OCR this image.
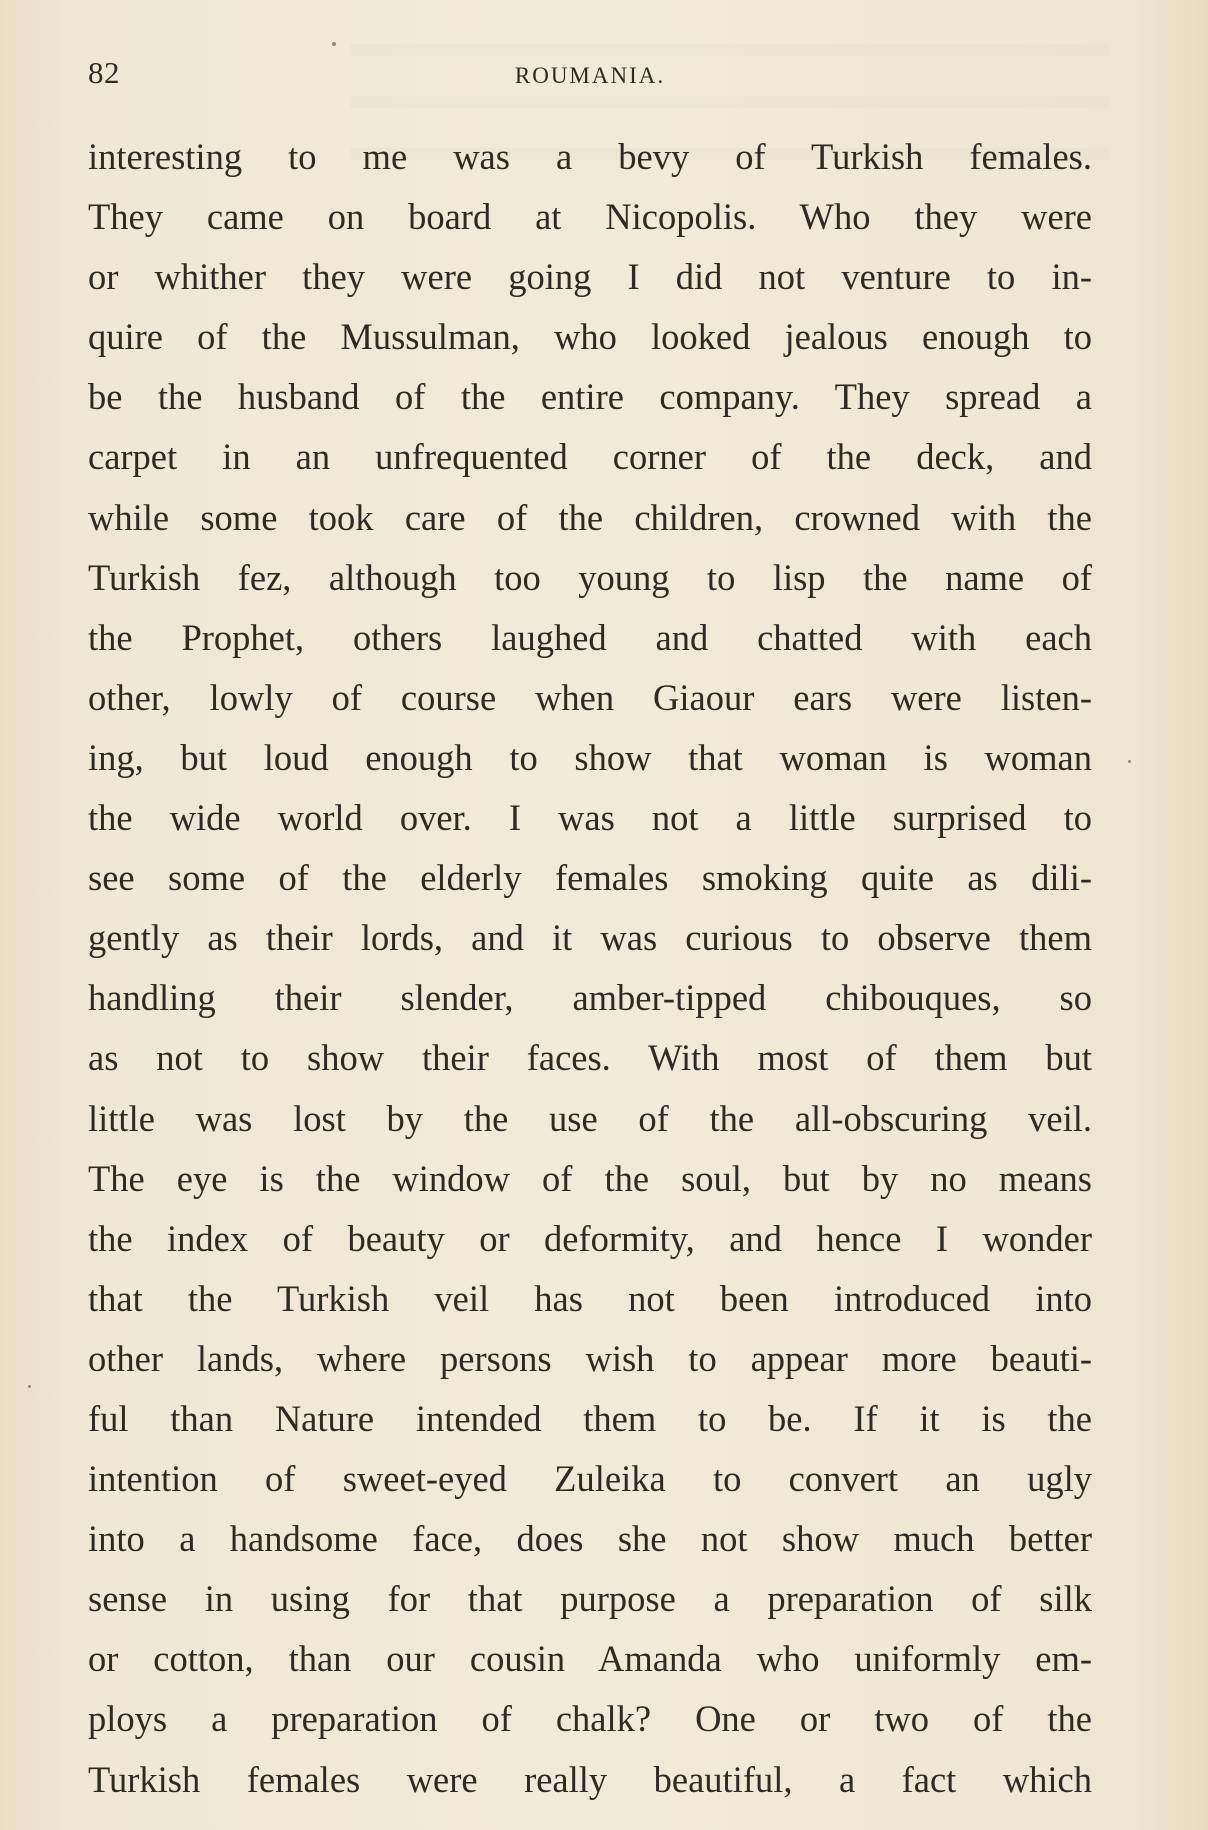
82	ROUMANIA.
interesting to me was a bevy of Turkish females.
They came on board at Nicopolis. Who they were
or whither they were going I did not venture to in-
quire of the Mussulman, who looked jealous enough to
be the husband of the entire company. They spread a
carpet in an unfrequented corner of the deck, and
while some took care of the children, crowned with the
Turkish fez, although too young to lisp the name of
the Prophet, others laughed and chatted with each
other, lowly of course when Giaour ears were listen-
ing, but loud enough to show that woman is woman
the wide world over. I was not a little surprised to
see some of the elderly females smoking quite as dili-
gently as their lords, and it was curious to observe them
handling their slender, amber-tipped chibouques, so
as not to show their faces. With most of them but
little was lost by the use of the all-obscuring veil.
The eye is the window of the soul, but by no means
the index of beauty or deformity, and hence I wonder
that the Turkish veil has not been introduced into
other lands, where persons wish to appear more beauti-
ful than Nature intended them to be. If it is the
intention of sweet-eyed Zuleika to convert an ugly
into a handsome face, does she not show much better
sense in using for that purpose a preparation of silk
or cotton, than our cousin Amanda who uniformly em-
ploys a preparation of chalk? One or two of the
Turkish females were really beautiful, a fact which
